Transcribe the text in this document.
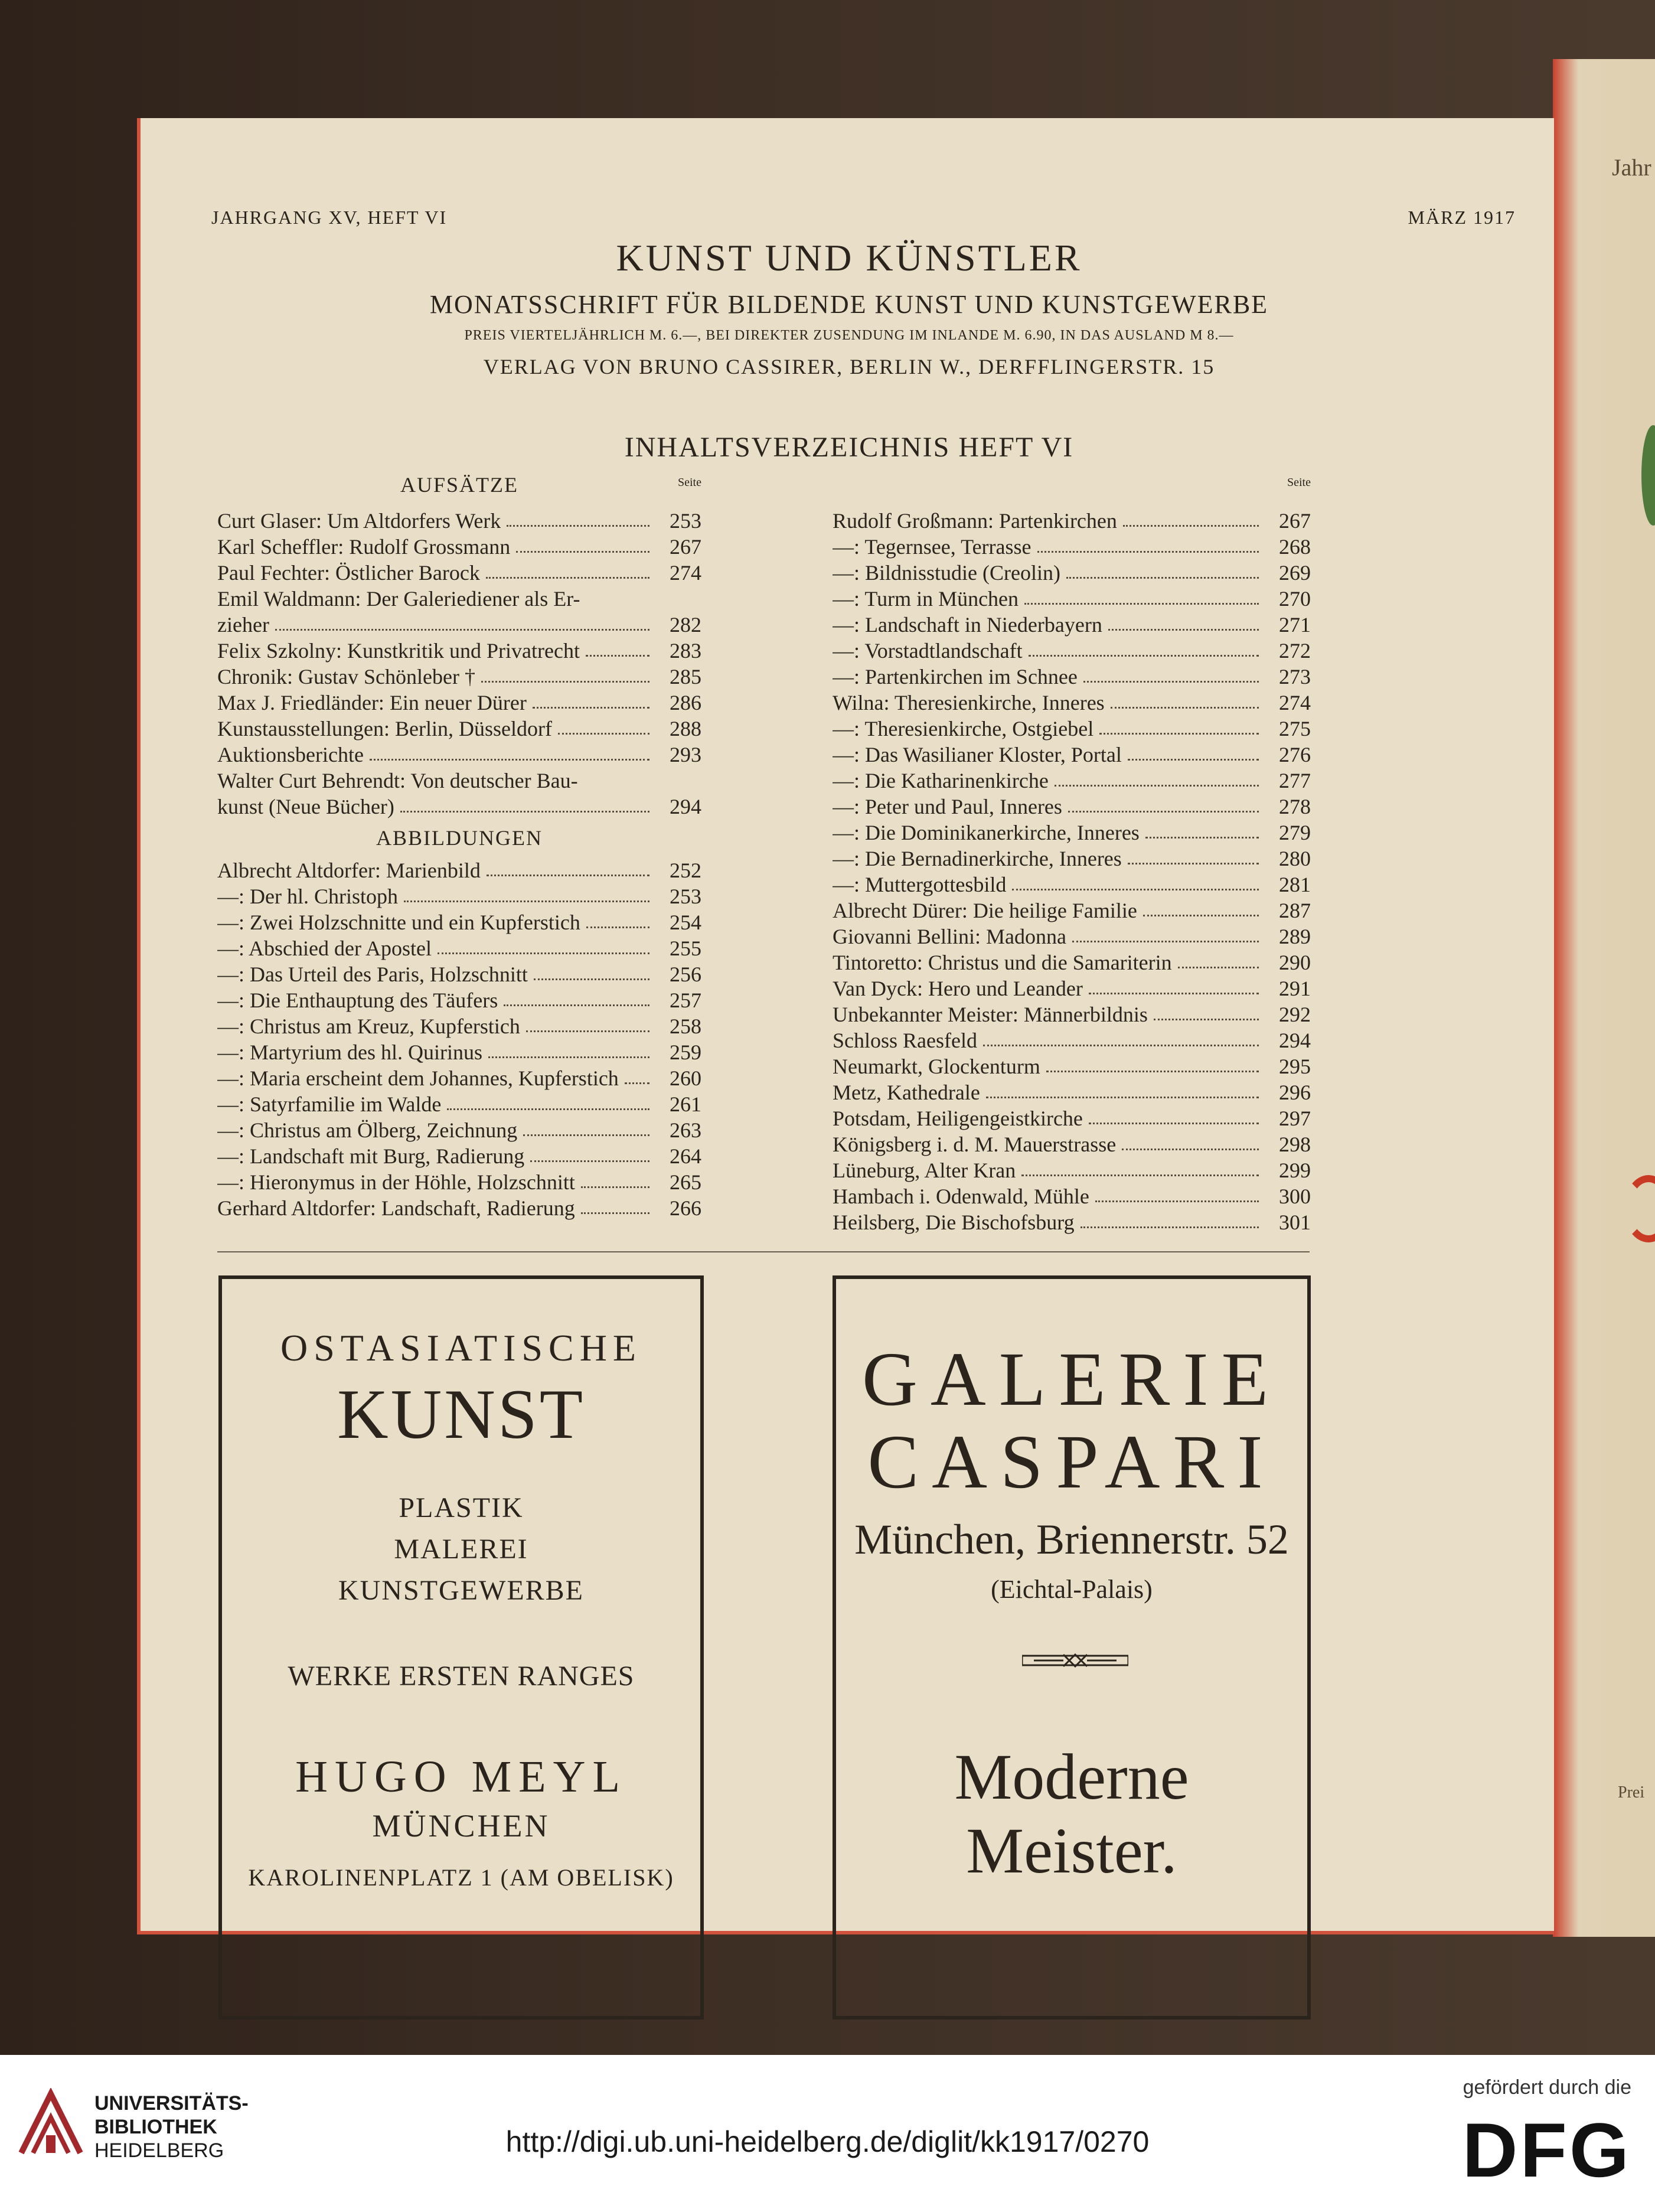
Jahr
Prei
JAHRGANG XV, HEFT VI	MÄRZ 1917
KUNST UND KÜNSTLER
MONATSSCHRIFT FÜR BILDENDE KUNST UND KUNSTGEWERBE
PREIS VIERTELJÄHRLICH M. 6.—, BEI DIREKTER ZUSENDUNG IM INLANDE M. 6.90, IN DAS AUSLAND M 8.—
VERLAG VON BRUNO CASSIRER, BERLIN W., DERFFLINGERSTR. 15
INHALTSVERZEICHNIS HEFT VI
AUFSÄTZE	Seite
Curt Glaser: Um Altdorfers Werk	253
Karl Scheffler: Rudolf Grossmann	267
Paul Fechter: Östlicher Barock	274
Emil Waldmann: Der Galeriediener als Er-
zieher	282
Felix Szkolny: Kunstkritik und Privatrecht	283
Chronik: Gustav Schönleber †	285
Max J. Friedländer: Ein neuer Dürer	286
Kunstausstellungen: Berlin, Düsseldorf	288
Auktionsberichte	293
Walter Curt Behrendt: Von deutscher Bau-
kunst (Neue Bücher)	294
ABBILDUNGEN
Albrecht Altdorfer: Marienbild	252
—: Der hl. Christoph	253
—: Zwei Holzschnitte und ein Kupferstich	254
—: Abschied der Apostel	255
—: Das Urteil des Paris, Holzschnitt	256
—: Die Enthauptung des Täufers	257
—: Christus am Kreuz, Kupferstich	258
—: Martyrium des hl. Quirinus	259
—: Maria erscheint dem Johannes, Kupferstich	260
—: Satyrfamilie im Walde	261
—: Christus am Ölberg, Zeichnung	263
—: Landschaft mit Burg, Radierung	264
—: Hieronymus in der Höhle, Holzschnitt	265
Gerhard Altdorfer: Landschaft, Radierung	266
Seite
Rudolf Großmann: Partenkirchen	267
—: Tegernsee, Terrasse	268
—: Bildnisstudie (Creolin)	269
—: Turm in München	270
—: Landschaft in Niederbayern	271
—: Vorstadtlandschaft	272
—: Partenkirchen im Schnee	273
Wilna: Theresienkirche, Inneres	274
—: Theresienkirche, Ostgiebel	275
—: Das Wasilianer Kloster, Portal	276
—: Die Katharinenkirche	277
—: Peter und Paul, Inneres	278
—: Die Dominikanerkirche, Inneres	279
—: Die Bernadinerkirche, Inneres	280
—: Muttergottesbild	281
Albrecht Dürer: Die heilige Familie	287
Giovanni Bellini: Madonna	289
Tintoretto: Christus und die Samariterin	290
Van Dyck: Hero und Leander	291
Unbekannter Meister: Männerbildnis	292
Schloss Raesfeld	294
Neumarkt, Glockenturm	295
Metz, Kathedrale	296
Potsdam, Heiligengeistkirche	297
Königsberg i. d. M. Mauerstrasse	298
Lüneburg, Alter Kran	299
Hambach i. Odenwald, Mühle	300
Heilsberg, Die Bischofsburg	301
OSTASIATISCHE
KUNST
PLASTIK
MALEREI
KUNSTGEWERBE
WERKE ERSTEN RANGES
HUGO MEYL
MÜNCHEN
KAROLINENPLATZ 1 (AM OBELISK)
GALERIE
CASPARI
München, Briennerstr. 52
(Eichtal-Palais)
Moderne
Meister.
UNIVERSITÄTS-
BIBLIOTHEK
HEIDELBERG	http://digi.ub.uni-heidelberg.de/diglit/kk1917/0270
gefördert durch die
DFG
